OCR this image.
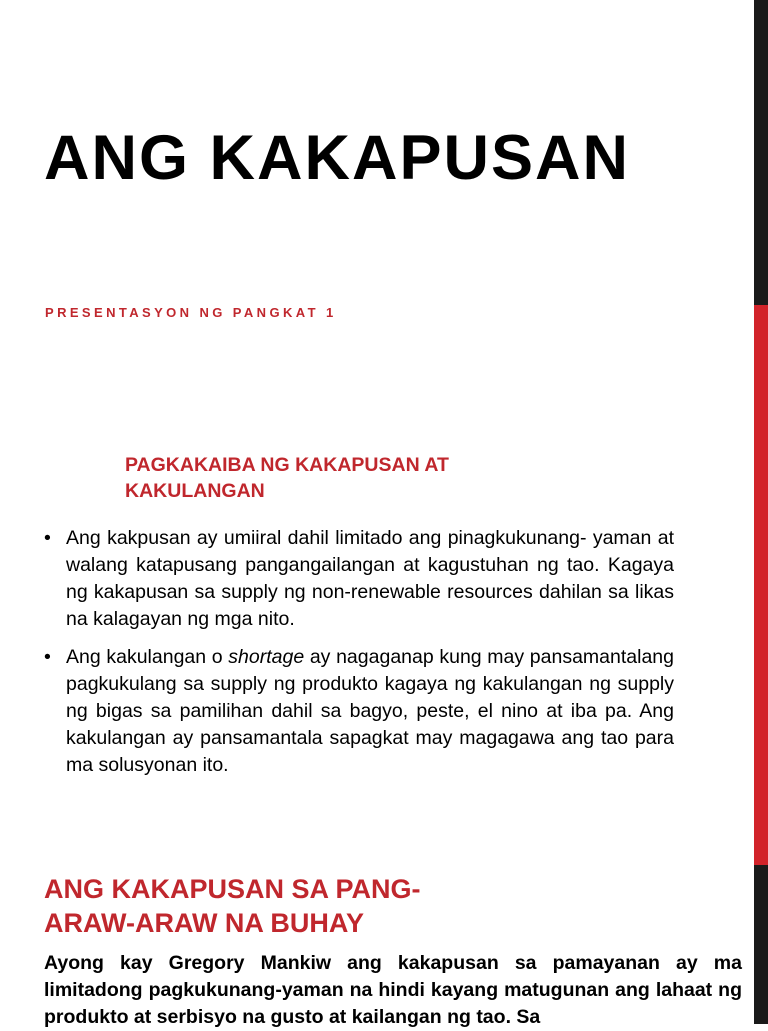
ANG KAKAPUSAN

PRESENTASYON NG PANGKAT 1

PAGKAKAIBA NG KAKAPUSAN AT KAKULANGAN
• Ang kakpusan ay umiiral dahil limitado ang pinagkukunang- yaman at walang katapusang pangangailangan at kagustuhan ng tao. Kagaya ng kakapusan sa supply ng non-renewable resources dahilan sa likas na kalagayan ng mga nito.
• Ang kakulangan o shortage ay nagaganap kung may pansamantalang pagkukulang sa supply ng produkto kagaya ng kakulangan ng supply ng bigas sa pamilihan dahil sa bagyo, peste, el nino at iba pa. Ang kakulangan ay pansamantala sapagkat may magagawa ang tao para ma solusyonan ito.
ANG KAKAPUSAN SA PANG-ARAW-ARAW NA BUHAY

Ayong kay Gregory Mankiw ang kakapusan sa pamayanan ay ma limitadong pagkukunang-yaman na hindi kayang matugunan ang lahaat ng produkto at serbisyo na gusto at kailangan ng tao. Sa
